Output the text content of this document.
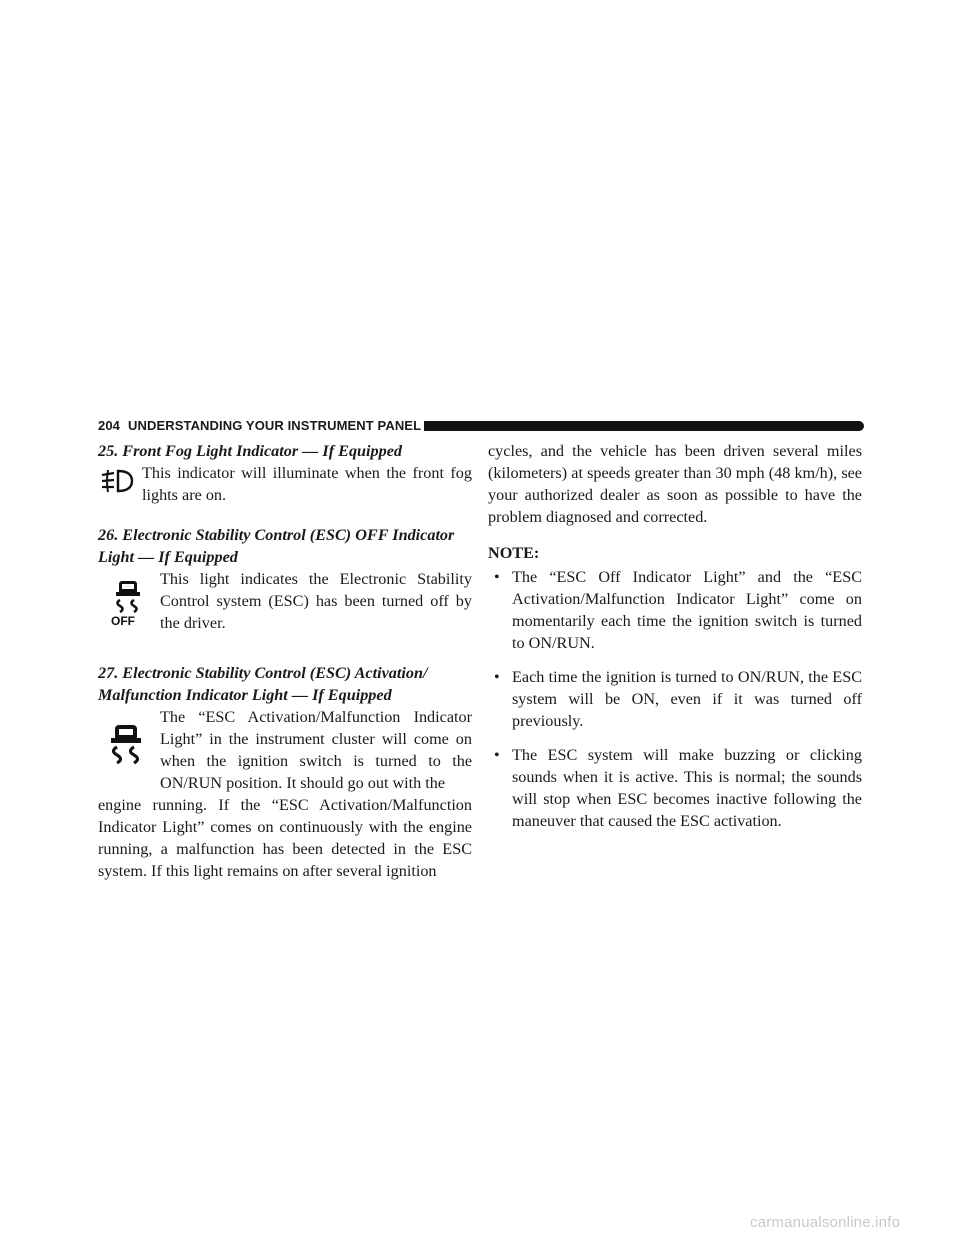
204 UNDERSTANDING YOUR INSTRUMENT PANEL

25. Front Fog Light Indicator — If Equipped

This indicator will illuminate when the front fog lights are on.

26. Electronic Stability Control (ESC) OFF Indicator

Light — If Equipped

OFF

This light indicates the Electronic Stability Control system (ESC) has been turned off by the driver.

27. Electronic Stability Control (ESC) Activation/

Malfunction Indicator Light — If Equipped

The “ESC Activation/Malfunction Indicator Light” in the instrument cluster will come on when the ignition switch is turned to the ON/RUN position. It should go out with the

engine running. If the “ESC Activation/Malfunction Indicator Light” comes on continuously with the engine running, a malfunction has been detected in the ESC system. If this light remains on after several ignition

cycles, and the vehicle has been driven several miles (kilometers) at speeds greater than 30 mph (48 km/h), see your authorized dealer as soon as possible to have the problem diagnosed and corrected.

NOTE:

• The “ESC Off Indicator Light” and the “ESC Activation/Malfunction Indicator Light” come on momentarily each time the ignition switch is turned to ON/RUN.
• Each time the ignition is turned to ON/RUN, the ESC system will be ON, even if it was turned off previously.
• The ESC system will make buzzing or clicking sounds when it is active. This is normal; the sounds will stop when ESC becomes inactive following the maneuver that caused the ESC activation.
carmanualsonline.info
